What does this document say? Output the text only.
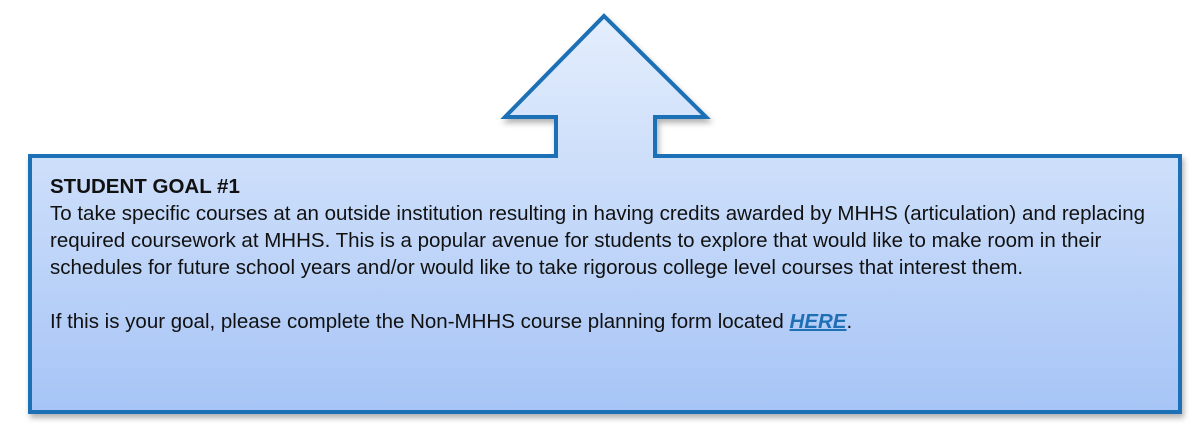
STUDENT GOAL #1
To take specific courses at an outside institution resulting in having credits awarded by MHHS (articulation) and replacing required coursework at MHHS. This is a popular avenue for students to explore that would like to make room in their schedules for future school years and/or would like to take rigorous college level courses that interest them.
If this is your goal, please complete the Non-MHHS course planning form located HERE.
